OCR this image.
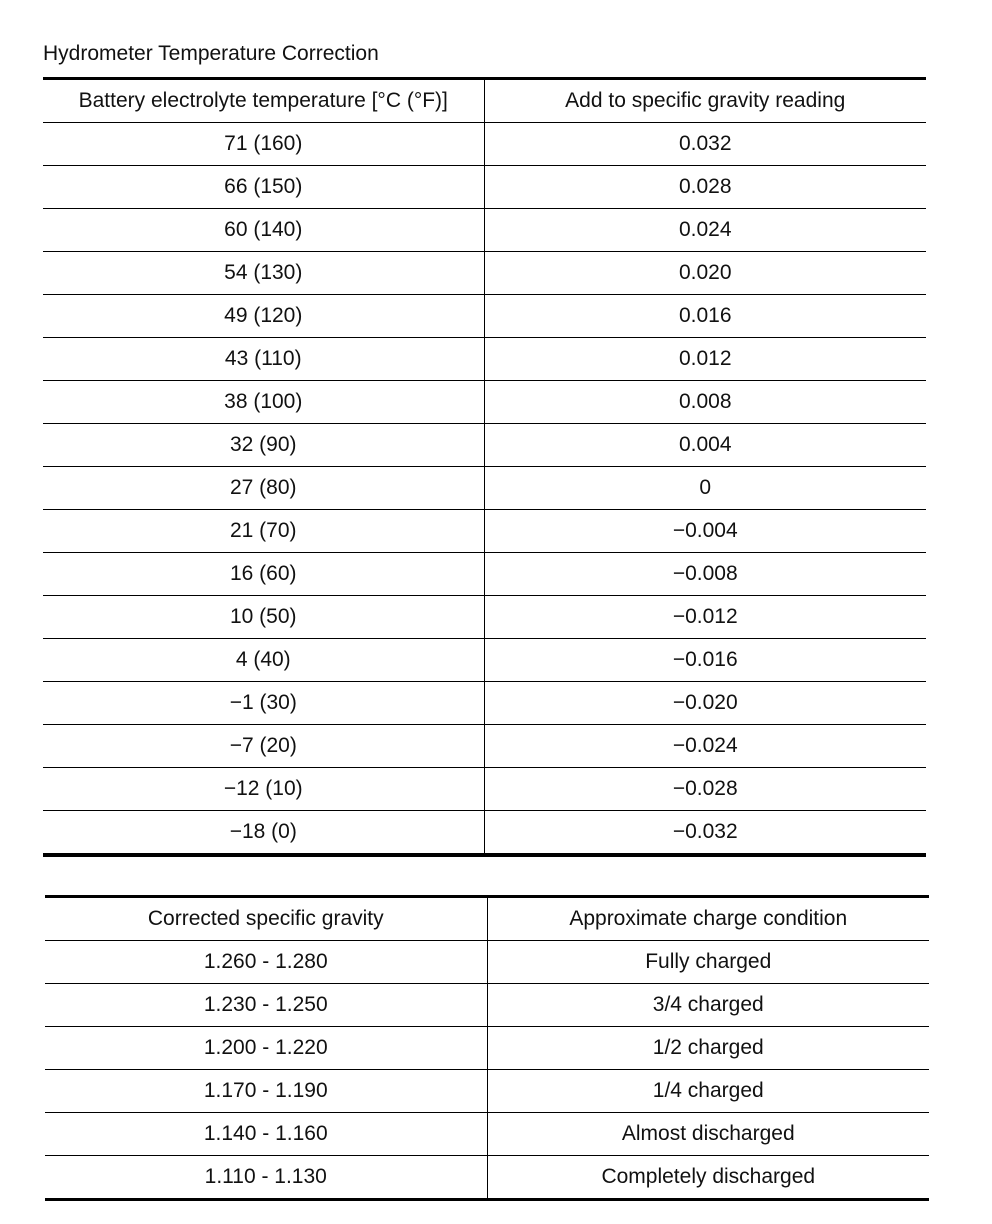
Hydrometer Temperature Correction
Battery electrolyte temperature [°C (°F)]	Add to specific gravity reading
71 (160)	0.032
66 (150)	0.028
60 (140)	0.024
54 (130)	0.020
49 (120)	0.016
43 (110)	0.012
38 (100)	0.008
32 (90)	0.004
27 (80)	0
21 (70)	−0.004
16 (60)	−0.008
10 (50)	−0.012
4 (40)	−0.016
−1 (30)	−0.020
−7 (20)	−0.024
−12 (10)	−0.028
−18 (0)	−0.032
Corrected specific gravity	Approximate charge condition
1.260 - 1.280	Fully charged
1.230 - 1.250	3/4 charged
1.200 - 1.220	1/2 charged
1.170 - 1.190	1/4 charged
1.140 - 1.160	Almost discharged
1.110 - 1.130	Completely discharged
